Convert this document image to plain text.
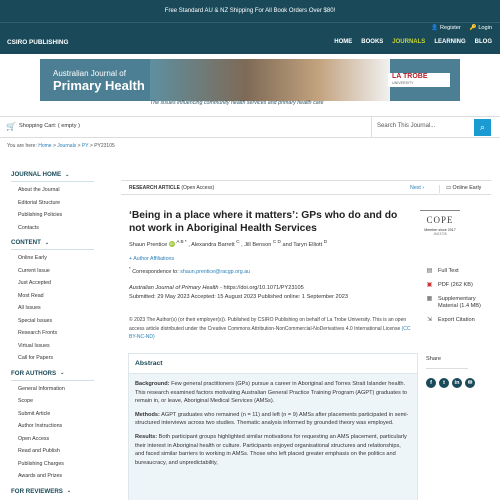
Free Standard AU & NZ Shipping For All Book Orders Over $80!
CSIRO PUBLISHING
👤 Register 🔑 Login
HOME BOOKS JOURNALS LEARNING BLOG
Australian Journal of
Primary Health
LA TROBE
UNIVERSITY
The issues influencing community health services and primary health care
🛒 Shopping Cart: ( empty )	Search This Journal...	⌕
You are here: Home > Journals > PY > PY23105
JOURNAL HOME ⌄
About the Journal
Editorial Structure
Publishing Policies
Contacts
CONTENT ⌄
Online Early
Current Issue
Just Accepted
Most Read
All Issues
Special Issues
Research Fronts
Virtual Issues
Call for Papers
FOR AUTHORS ⌄
General Information
Scope
Submit Article
Author Instructions
Open Access
Read and Publish
Publishing Charges
Awards and Prizes
FOR REVIEWERS ⌄
RESEARCH ARTICLE (Open Access)	Next ›	▭ Online Early
‘Being in a place where it matters’: GPs who do and do not work in Aboriginal Health Services
Shaun Prentice iD $^{A B *}$ , Alexandra Barrett $^C$ , Jill Benson $^{C D}$ and Taryn Elliott $^D$
+ Author Affiliations
* Correspondence to: shaun.prentice@racgp.org.au
Australian Journal of Primary Health - https://doi.org/10.1071/PY23105
Submitted: 29 May 2023 Accepted: 15 August 2023 Published online: 1 September 2023
© 2023 The Author(s) (or their employer(s)). Published by CSIRO Publishing on behalf of La Trobe University. This is an open access article distributed under the Creative Commons Attribution-NonCommercial-NoDerivatives 4.0 International License (CC BY-NC-ND)
COPE
Member since 2017
JM13728
▤ Full Text
▣ PDF (262 KB)
▦ Supplementary Material (1.4 MB)
⇲ Export Citation
Abstract

Background: Few general practitioners (GPs) pursue a career in Aboriginal and Torres Strait Islander health. This research examined factors motivating Australian General Practice Training Program (AGPT) graduates to remain in, or leave, Aboriginal Medical Services (AMSs).

Methods: AGPT graduates who remained (n = 11) and left (n = 9) AMSs after placements participated in semi-structured interviews across two studies. Thematic analysis informed by grounded theory was employed.

Results: Both participant groups highlighted similar motivations for requesting an AMS placement, particularly their interest in Aboriginal health or culture. Participants enjoyed organisational structures and relationships, and faced similar barriers to working in AMSs. Those who left placed greater emphasis on the politics and bureaucracy, and unpredictability,

Share
f	t	in	✉
